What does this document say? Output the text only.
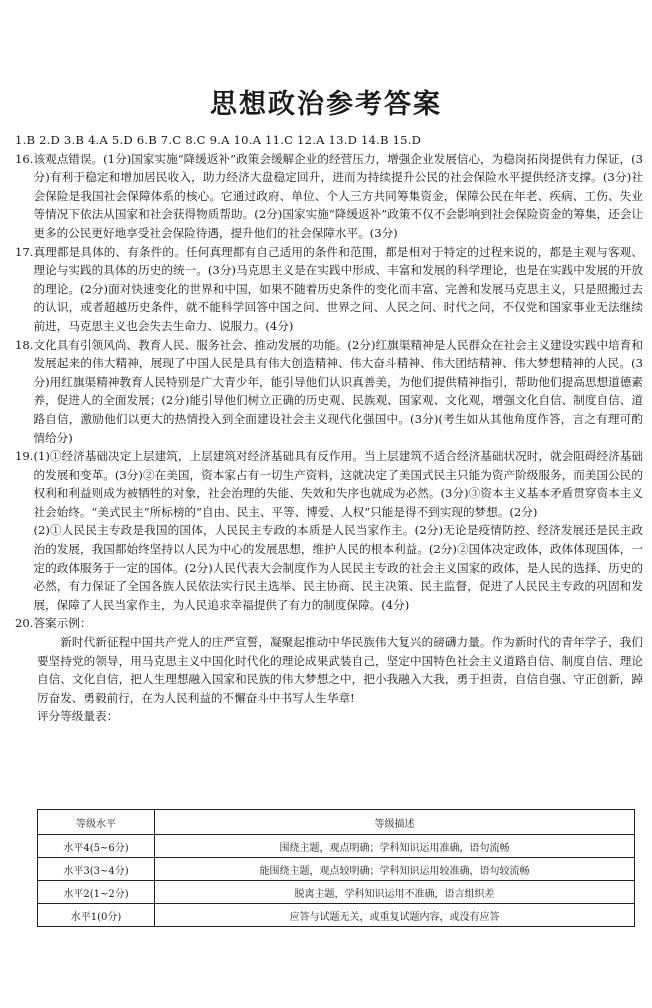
思想政治参考答案
1.B 2.D 3.B 4.A 5.D 6.B 7.C 8.C 9.A 10.A 11.C 12.A 13.D 14.B 15.D
16. 该观点错误。(1分)国家实施“降缓返补”政策会缓解企业的经营压力，增强企业发展信心，为稳岗拓岗提供有力保证，(3分)有利于稳定和增加居民收入，助力经济大盘稳定回升，进而为持续提升公民的社会保险水平提供经济支撑。(3分)社会保险是我国社会保障体系的核心。它通过政府、单位、个人三方共同筹集资金，保障公民在年老、疾病、工伤、失业等情况下依法从国家和社会获得物质帮助。(2分)国家实施“降缓返补”政策不仅不会影响到社会保险资金的筹集，还会让更多的公民更好地享受社会保险待遇，提升他们的社会保障水平。(3分)
17. 真理都是具体的、有条件的。任何真理都有自己适用的条件和范围，都是相对于特定的过程来说的，都是主观与客观、理论与实践的具体的历史的统一。(3分)马克思主义是在实践中形成、丰富和发展的科学理论，也是在实践中发展的开放的理论。(2分)面对快速变化的世界和中国，如果不随着历史条件的变化而丰富、完善和发展马克思主义，只是照搬过去的认识，或者超越历史条件，就不能科学回答中国之问、世界之问、人民之问、时代之问，不仅党和国家事业无法继续前进，马克思主义也会失去生命力、说服力。(4分)
18. 文化具有引领风尚、教育人民、服务社会、推动发展的功能。(2分)红旗渠精神是人民群众在社会主义建设实践中培育和发展起来的伟大精神，展现了中国人民是具有伟大创造精神、伟大奋斗精神、伟大团结精神、伟大梦想精神的人民。(3分)用红旗渠精神教育人民特别是广大青少年，能引导他们认识真善美，为他们提供精神指引，帮助他们提高思想道德素养，促进人的全面发展；(2分)能引导他们树立正确的历史观、民族观、国家观、文化观，增强文化自信、制度自信、道路自信，激励他们以更大的热情投入到全面建设社会主义现代化强国中。(3分)(考生如从其他角度作答，言之有理可酌情给分)
19. (1)①经济基础决定上层建筑，上层建筑对经济基础具有反作用。当上层建筑不适合经济基础状况时，就会阻碍经济基础的发展和变革。(3分)②在美国，资本家占有一切生产资料，这就决定了美国式民主只能为资产阶级服务，而美国公民的权利和利益则成为被牺牲的对象，社会治理的失能、失效和失序也就成为必然。(3分)③资本主义基本矛盾贯穿资本主义社会始终。“美式民主”所标榜的“自由、民主、平等、博爱、人权”只能是得不到实现的梦想。(2分)

(2)①人民民主专政是我国的国体，人民民主专政的本质是人民当家作主。(2分)无论是疫情防控、经济发展还是民主政治的发展，我国都始终坚持以人民为中心的发展思想，维护人民的根本利益。(2分)②国体决定政体，政体体现国体，一定的政体服务于一定的国体。(2分)人民代表大会制度作为人民民主专政的社会主义国家的政体，是人民的选择、历史的必然，有力保证了全国各族人民依法实行民主选举、民主协商、民主决策、民主监督，促进了人民民主专政的巩固和发展，保障了人民当家作主，为人民追求幸福提供了有力的制度保障。(4分)

20. 答案示例：

新时代新征程中国共产党人的庄严宣誓，凝聚起推动中华民族伟大复兴的磅礴力量。作为新时代的青年学子，我们要坚持党的领导，用马克思主义中国化时代化的理论成果武装自己，坚定中国特色社会主义道路自信、制度自信、理论自信、文化自信，把人生理想融入国家和民族的伟大梦想之中，把小我融入大我，勇于担责，自信自强、守正创新，踔厉奋发、勇毅前行，在为人民利益的不懈奋斗中书写人生华章!

评分等级量表：

等级水平	等级描述
水平4(5~6分)	围绕主题，观点明确；学科知识运用准确，语句流畅
水平3(3~4分)	能围绕主题，观点较明确；学科知识运用较准确，语句较流畅
水平2(1~2分)	脱离主题，学科知识运用不准确，语言组织差
水平1(0分)	应答与试题无关，或重复试题内容，或没有应答
